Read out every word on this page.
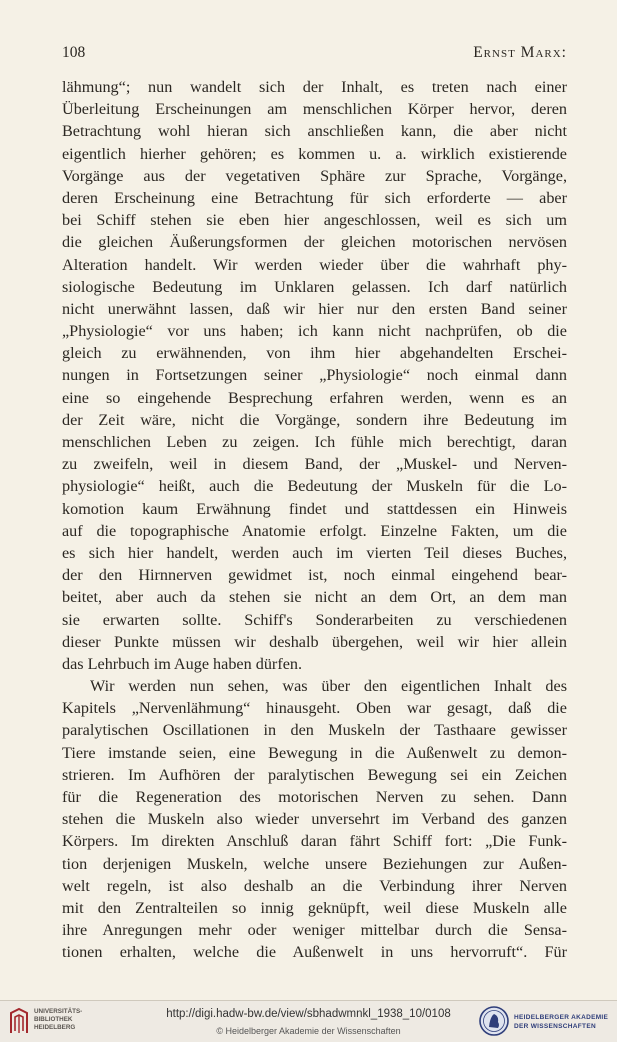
108	Ernst Marx:
lähmung“; nun wandelt sich der Inhalt, es treten nach einer
Überleitung Erscheinungen am menschlichen Körper hervor, deren
Betrachtung wohl hieran sich anschließen kann, die aber nicht
eigentlich hierher gehören; es kommen u. a. wirklich existierende
Vorgänge aus der vegetativen Sphäre zur Sprache, Vorgänge,
deren Erscheinung eine Betrachtung für sich erforderte — aber
bei Schiff stehen sie eben hier angeschlossen, weil es sich um
die gleichen Äußerungsformen der gleichen motorischen nervösen
Alteration handelt. Wir werden wieder über die wahrhaft phy-
siologische Bedeutung im Unklaren gelassen. Ich darf natürlich
nicht unerwähnt lassen, daß wir hier nur den ersten Band seiner
„Physiologie“ vor uns haben; ich kann nicht nachprüfen, ob die
gleich zu erwähnenden, von ihm hier abgehandelten Erschei-
nungen in Fortsetzungen seiner „Physiologie“ noch einmal dann
eine so eingehende Besprechung erfahren werden, wenn es an
der Zeit wäre, nicht die Vorgänge, sondern ihre Bedeutung im
menschlichen Leben zu zeigen. Ich fühle mich berechtigt, daran
zu zweifeln, weil in diesem Band, der „Muskel- und Nerven-
physiologie“ heißt, auch die Bedeutung der Muskeln für die Lo-
komotion kaum Erwähnung findet und stattdessen ein Hinweis
auf die topographische Anatomie erfolgt. Einzelne Fakten, um die
es sich hier handelt, werden auch im vierten Teil dieses Buches,
der den Hirnnerven gewidmet ist, noch einmal eingehend bear-
beitet, aber auch da stehen sie nicht an dem Ort, an dem man
sie erwarten sollte. Schiff's Sonderarbeiten zu verschiedenen
dieser Punkte müssen wir deshalb übergehen, weil wir hier allein
das Lehrbuch im Auge haben dürfen.
Wir werden nun sehen, was über den eigentlichen Inhalt des
Kapitels „Nervenlähmung“ hinausgeht. Oben war gesagt, daß die
paralytischen Oscillationen in den Muskeln der Tasthaare gewisser
Tiere imstande seien, eine Bewegung in die Außenwelt zu demon-
strieren. Im Aufhören der paralytischen Bewegung sei ein Zeichen
für die Regeneration des motorischen Nerven zu sehen. Dann
stehen die Muskeln also wieder unversehrt im Verband des ganzen
Körpers. Im direkten Anschluß daran fährt Schiff fort: „Die Funk-
tion derjenigen Muskeln, welche unsere Beziehungen zur Außen-
welt regeln, ist also deshalb an die Verbindung ihrer Nerven
mit den Zentralteilen so innig geknüpft, weil diese Muskeln alle
ihre Anregungen mehr oder weniger mittelbar durch die Sensa-
tionen erhalten, welche die Außenwelt in uns hervorruft“. Für
UNIVERSITÄTS-
BIBLIOTHEK
HEIDELBERG
http://digi.hadw-bw.de/view/sbhadwmnkl_1938_10/0108
© Heidelberger Akademie der Wissenschaften
HEIDELBERGER AKADEMIE
DER WISSENSCHAFTEN
